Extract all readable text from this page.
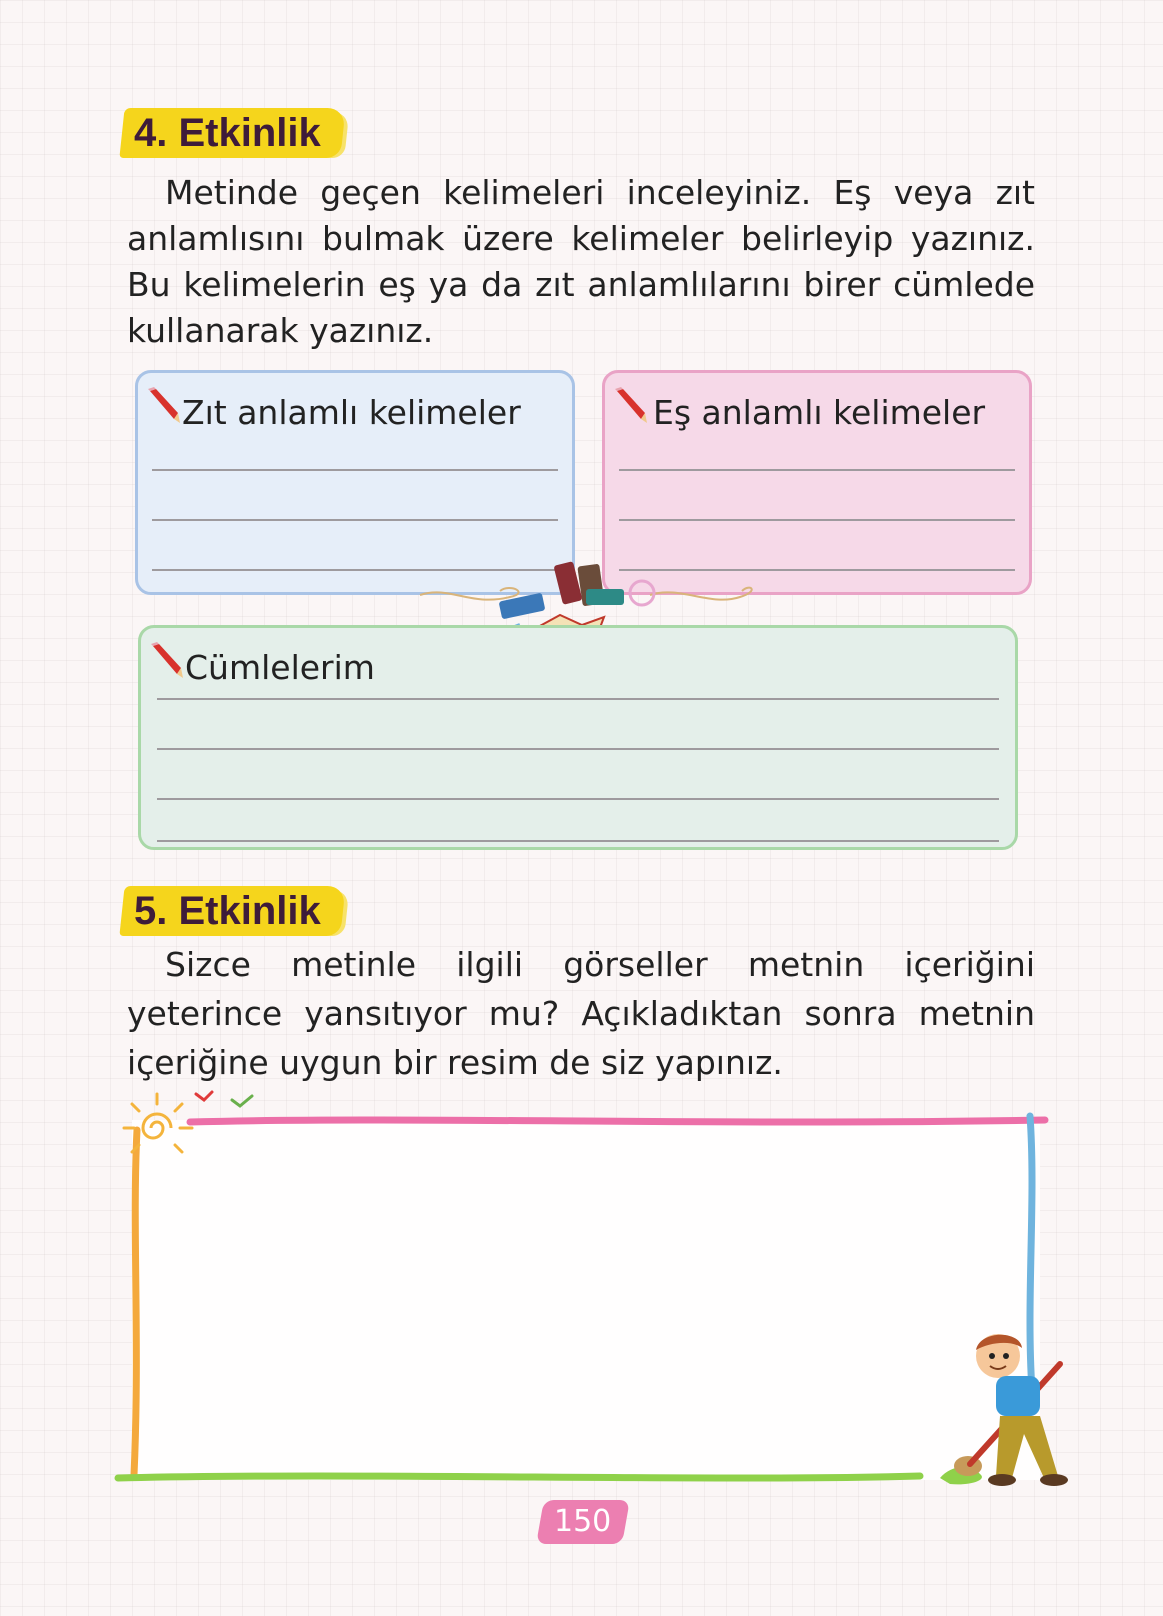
4. Etkinlik

Metinde geçen kelimeleri inceleyiniz. Eş veya zıt anlamlısını bulmak üzere kelimeler belirleyip yazınız. Bu kelimelerin eş ya da zıt anlamlılarını birer cümlede kullanarak yazınız.

Zıt anlamlı kelimeler	Eş anlamlı kelimeler
Cümlelerim
5. Etkinlik

Sizce metinle ilgili görseller metnin içeriğini yeterince yansıtıyor mu? Açıkladıktan sonra metnin içeriğine uygun bir resim de siz yapınız.

150
